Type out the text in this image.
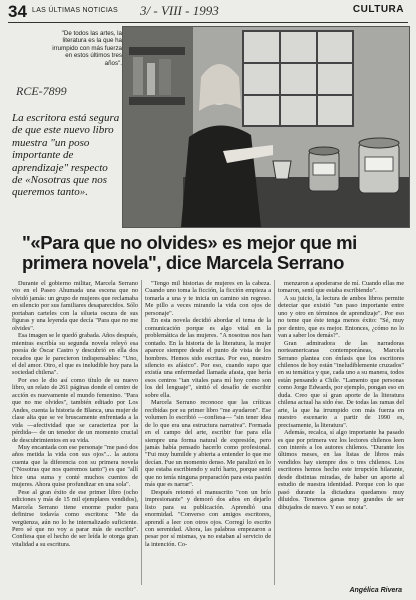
34 LAS ÚLTIMAS NOTICIAS 3/ - VIII - 1993	CULTURA
"De todos las artes, la literatura es la que ha irrumpido con más fuerza en estos últimos tres años".
RCE-7899
La escritora está segura de que este nuevo libro muestra "un poso importante de aprendizaje" respecto de «Nosotras que nos queremos tanto».
"«Para que no olvides» es mejor que mi primera novela", dice Marcela Serrano

Durante el gobierno militar, Marcela Serrano vio en el Paseo Ahumada una escena que no olvidó jamás: un grupo de mujeres que reclamaba en silencio por sus familiares desaparecidos. Sólo portaban carteles con la silueta oscura de sus figuras y una leyenda que decía "Para que no me olvides".

Esa imagen se le quedó grabada. Años después, mientras escribía su segunda novela releyó esa poesía de Óscar Castro y descubrió en ella dos recados que le parecieron indispensables: "Uno, el del amor. Otro, el que es ineludible hoy para la sociedad chilena".

Por eso le dio así como título de su nuevo libro, un relato de 261 páginas donde el centro de acción es nuevamente el mundo femenino. "Para que no me olvides", también editado por Los Andes, cuenta la historia de Blanca, una mujer de clase alta que se ve bruscamente enfrentada a la vida —afectividad que se caracteriza por la pérdida— de un tenedor de un momento crucial de descubrimientos en su vida.

Muy encantada con ese personaje "me pasó dos años metida la vida con sus ojos"... la autora cuenta que la diferencia con su primera novela ("Nosotras que nos queremos tanto") es que "allí hice una suma y conté muchos cuentos de mujeres. Ahora quise profundizar en una sola".

Pese al gran éxito de ese primer libro (ocho ediciones y más de 15 mil ejemplares vendidos), Marcela Serrano tiene enorme pudor para definirse todavía como escritora: "Me da vergüenza, aún no lo he internalizado suficiente. Pero sé que no voy a parar más de escribir". Confiesa que el hecho de ser leída le otorga gran vitalidad a su escritura.

"Tengo mil historias de mujeres en la cabeza. Cuando uno toma la ficción, la ficción empieza a tomarla a una y te inicia un camino sin regreso. Me pillo a veces mirando la vida con ojos de personaje".

En esta novela decidió abordar el tema de la comunicación porque es algo vital en la problemática de las mujeres. "A nosotras nos han contado. En la historia de la literatura, la mujer aparece siempre desde el punto de vista de los hombres. Hemos sido escritas. Por eso, nuestro silencio es afásico". Por eso, cuando supo que existía una enfermedad llamada afasia, que hería esos centros "tan vitales para mí hoy como son los del lenguaje", sintió el desafío de escribir sobre ella.

Marcela Serrano reconoce que las críticas recibidas por su primer libro "me ayudaron". Ese volumen lo escribió —confiesa— "sin tener idea de lo que era una estructura narrativa". Formada en el campo del arte, escribir fue para ella siempre una forma natural de expresión, pero jamás había pensado hacerlo como profesional. "Fui muy humilde y abierta a entender lo que me decían. Fue un momento denso. Me paralizó en lo que estaba escribiendo y sufrí harto, porque sentí que no tenía ninguna preparación para esta pasión más que es narrar".

Después retomó el manuscrito "con un brío impresionante" y demoró dos años en dejarlo listo para su publicación. Aprendió una enormidad. "Converso con amigos escritores, aprendí a leer con otros ojos. Corregí lo escrito con serenidad. Ahora, las palabras empezaron a pesar por sí mismas, ya no estaban al servicio de la intención. Co-

menzaron a apoderarse de mí. Cuando ellas me tomaron, sentí que estaba escribiendo".

A su juicio, la lectura de ambos libros permite detectar que existió "un paso importante entre uno y otro en términos de aprendizaje". Por eso no teme que éste tenga menos éxito: "Sé, muy por dentro, que es mejor. Entonces, ¿cómo no lo van a saber los demás?".

Gran admiradora de las narradoras norteamericanas contemporáneas, Marcela Serrano plantea con énfasis que los escritores chilenos de hoy están "ineludiblemente cruzados" en su temática y que, cada uno a su manera, todos están pensando a Chile. "Lamento que personas como Jorge Edwards, por ejemplo, pongan eso en duda. Creo que sí gran aporte de la literatura chilena actual ha sido ése. De todas las ramas del arte, la que ha irrumpido con más fuerza en nuestro escenario a partir de 1990 es, precisamente, la literatura".

Además, recalca, sí algo importante ha pasado es que por primera vez los lectores chilenos leen con interés a los autores chilenos. "Durante los últimos meses, en las listas de libros más vendidos hay siempre dos o tres chilenos. Los escritores hemos hecho este irrupción hilarante, desde distintas miradas, de haber un aporte al estudio de nuestra identidad. Porque con lo que pasó durante la dictadura quedamos muy diluidos. Tenemos ganas muy grandes de ser dibujados de nuevo. Y eso se nota".

Angélica Rivera
